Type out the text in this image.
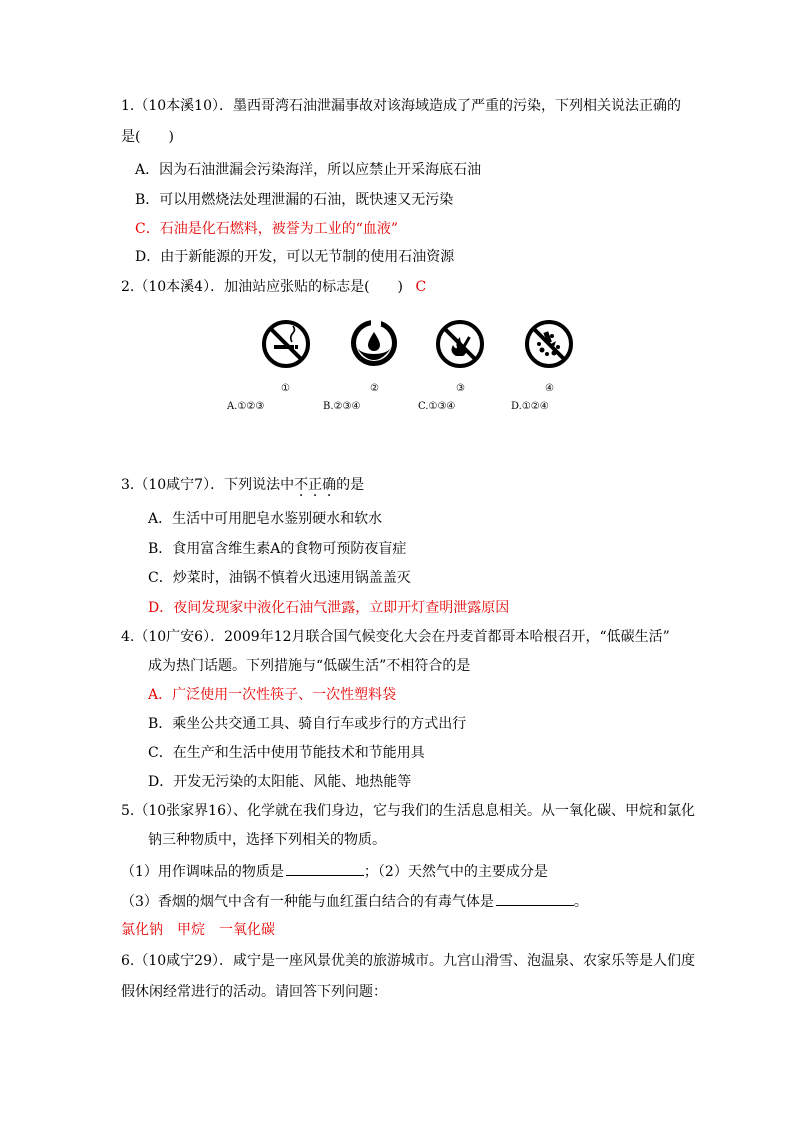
1.（10本溪10）．墨西哥湾石油泄漏事故对该海域造成了严重的污染，下列相关说法正确的
是(　　)
A．因为石油泄漏会污染海洋，所以应禁止开采海底石油
B．可以用燃烧法处理泄漏的石油，既快速又无污染
C．石油是化石燃料，被誉为工业的“血液”
D．由于新能源的开发，可以无节制的使用石油资源
2.（10本溪4）．加油站应张贴的标志是(　　) C
①	②	③	④
A.①②③	B.②③④	C.①③④	D.①②④
3.（10咸宁7）．下列说法中不正确的是
A．生活中可用肥皂水鉴别硬水和软水
B．食用富含维生素A的食物可预防夜盲症
C．炒菜时，油锅不慎着火迅速用锅盖盖灭
D．夜间发现家中液化石油气泄露，立即开灯查明泄露原因
4.（10广安6）．2009年12月联合国气候变化大会在丹麦首都哥本哈根召开，“低碳生活”
成为热门话题。下列措施与“低碳生活”不相符合的是
A．广泛使用一次性筷子、一次性塑料袋
B．乘坐公共交通工具、骑自行车或步行的方式出行
C．在生产和生活中使用节能技术和节能用具
D．开发无污染的太阳能、风能、地热能等
5.（10张家界16）、化学就在我们身边，它与我们的生活息息相关。从一氧化碳、甲烷和氯化
钠三种物质中，选择下列相关的物质。
（1）用作调味品的物质是	；（2）天然气中的主要成分是
（3）香烟的烟气中含有一种能与血红蛋白结合的有毒气体是	。
氯化钠　甲烷　一氧化碳
6.（10咸宁29）．咸宁是一座风景优美的旅游城市。九宫山滑雪、泡温泉、农家乐等是人们度
假休闲经常进行的活动。请回答下列问题：
